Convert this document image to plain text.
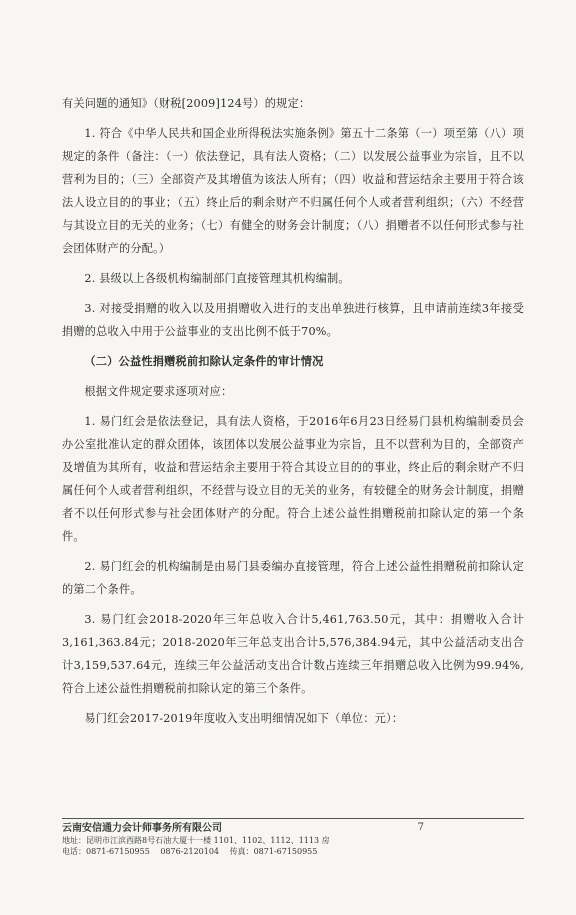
有关问题的通知》（财税[2009]124号）的规定：

1. 符合《中华人民共和国企业所得税法实施条例》第五十二条第（一）项至第（八）项规定的条件（备注：（一）依法登记，具有法人资格；（二）以发展公益事业为宗旨，且不以营利为目的；（三）全部资产及其增值为该法人所有；（四）收益和营运结余主要用于符合该法人设立目的的事业；（五）终止后的剩余财产不归属任何个人或者营利组织；（六）不经营与其设立目的无关的业务；（七）有健全的财务会计制度；（八）捐赠者不以任何形式参与社会团体财产的分配。）

2. 县级以上各级机构编制部门直接管理其机构编制。

3. 对接受捐赠的收入以及用捐赠收入进行的支出单独进行核算，且申请前连续3年接受捐赠的总收入中用于公益事业的支出比例不低于70%。

（二）公益性捐赠税前扣除认定条件的审计情况

根据文件规定要求逐项对应：

1. 易门红会是依法登记，具有法人资格，于2016年6月23日经易门县机构编制委员会办公室批准认定的群众团体，该团体以发展公益事业为宗旨，且不以营利为目的，全部资产及增值为其所有，收益和营运结余主要用于符合其设立目的的事业，终止后的剩余财产不归属任何个人或者营利组织，不经营与设立目的无关的业务，有较健全的财务会计制度，捐赠者不以任何形式参与社会团体财产的分配。符合上述公益性捐赠税前扣除认定的第一个条件。

2. 易门红会的机构编制是由易门县委编办直接管理，符合上述公益性捐赠税前扣除认定的第二个条件。

3. 易门红会2018-2020年三年总收入合计5,461,763.50元，其中：捐赠收入合计3,161,363.84元；2018-2020年三年总支出合计5,576,384.94元，其中公益活动支出合计3,159,537.64元，连续三年公益活动支出合计数占连续三年捐赠总收入比例为99.94%,符合上述公益性捐赠税前扣除认定的第三个条件。

易门红会2017-2019年度收入支出明细情况如下（单位：元）：

云南安信通力会计师事务所有限公司	7
地址：昆明市江滨西路8号石油大厦十一楼 1101、1102、1112、1113 房
电话：0871-67150955 0876-2120104 传真：0871-67150955
